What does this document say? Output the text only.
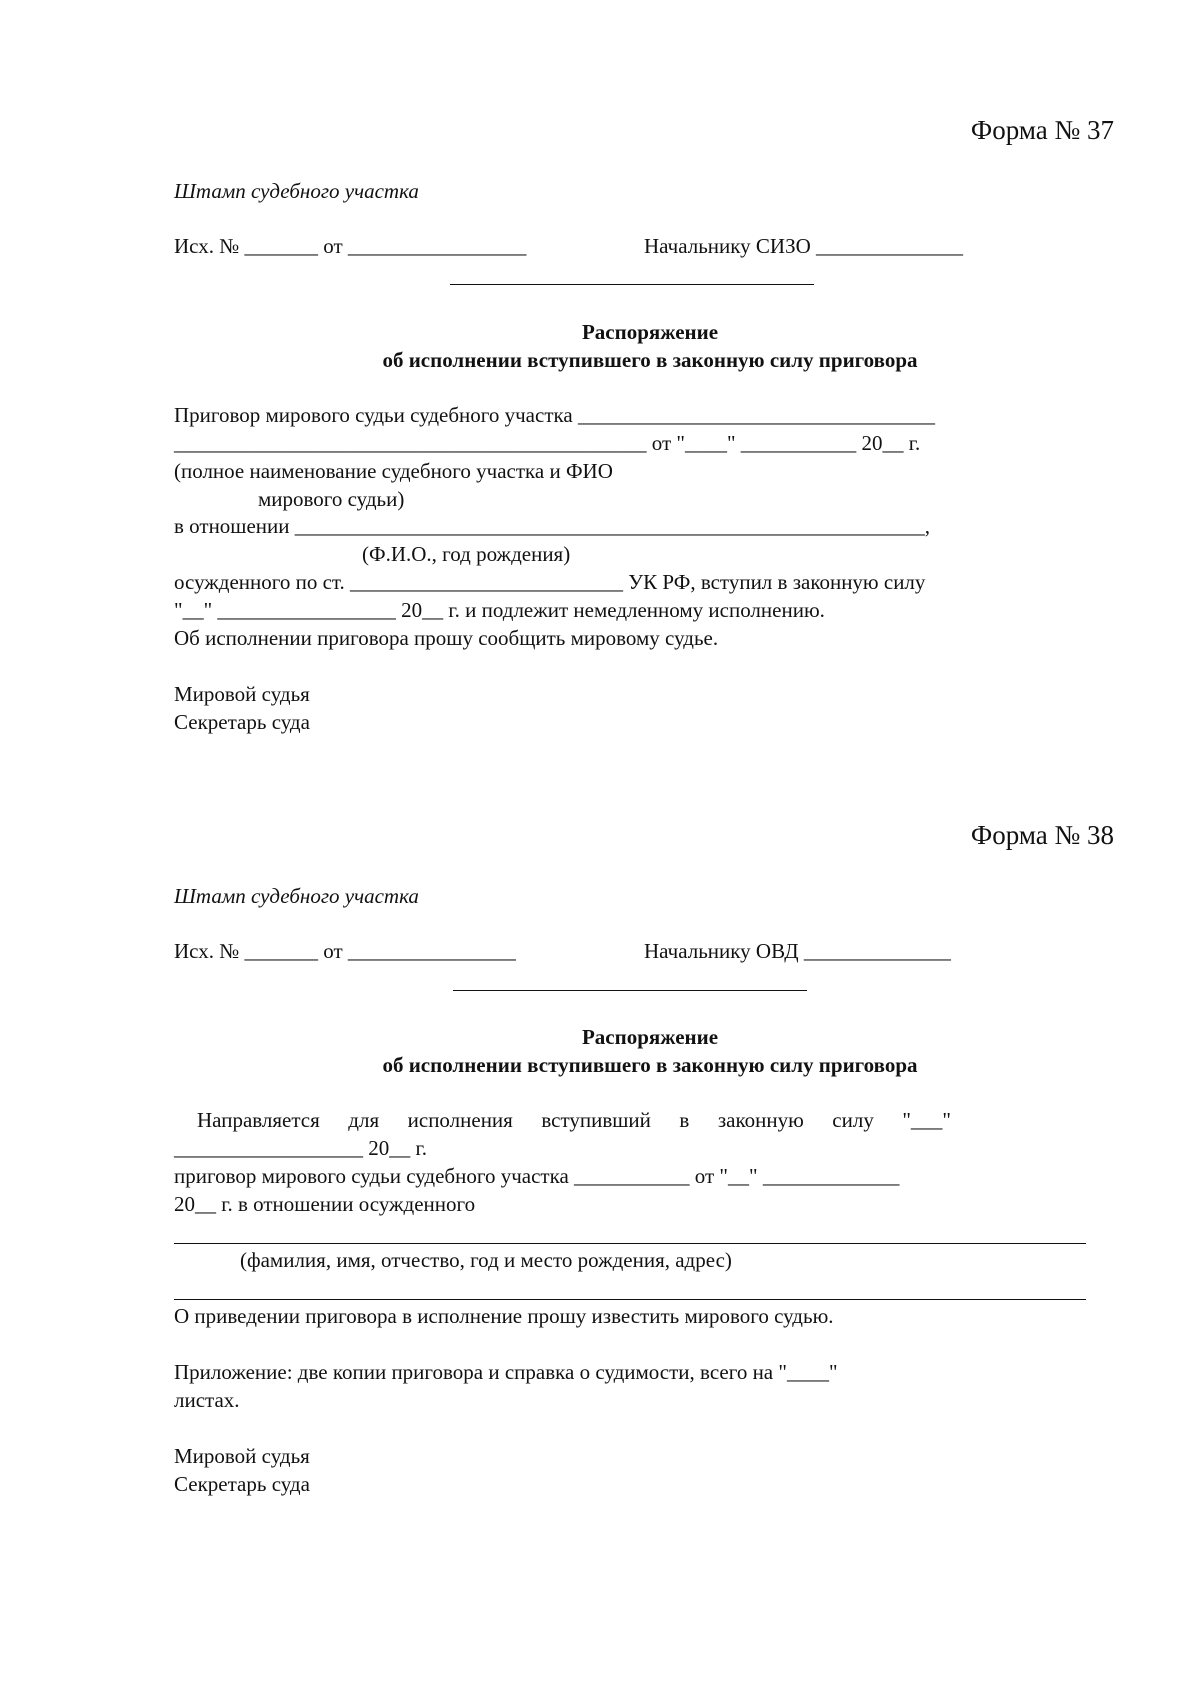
Форма № 37
Штамп судебного участка
Исх. № _______ от _________________	Начальнику СИЗО ______________
Распоряжение
об исполнении вступившего в законную силу приговора
Приговор мирового судьи судебного участка __________________________________
_____________________________________________ от "____" ___________ 20__ г.
(полное наименование судебного участка и ФИО
мирового судьи)
в отношении ____________________________________________________________,
(Ф.И.О., год рождения)
осужденного по ст. __________________________ УК РФ, вступил в законную силу
"__" _________________ 20__ г. и подлежит немедленному исполнению.
Об исполнении приговора прошу сообщить мировому судье.
Мировой судья
Секретарь суда
Форма № 38
Штамп судебного участка
Исх. № _______ от ________________	Начальнику ОВД ______________
Распоряжение
об исполнении вступившего в законную силу приговора
Направляется для исполнения вступивший в законную силу "___"
__________________ 20__ г.
приговор мирового судьи судебного участка ___________ от "__" _____________
20__ г. в отношении осужденного
(фамилия, имя, отчество, год и место рождения, адрес)
О приведении приговора в исполнение прошу известить мирового судью.
Приложение: две копии приговора и справка о судимости, всего на "____"
листах.
Мировой судья
Секретарь суда
